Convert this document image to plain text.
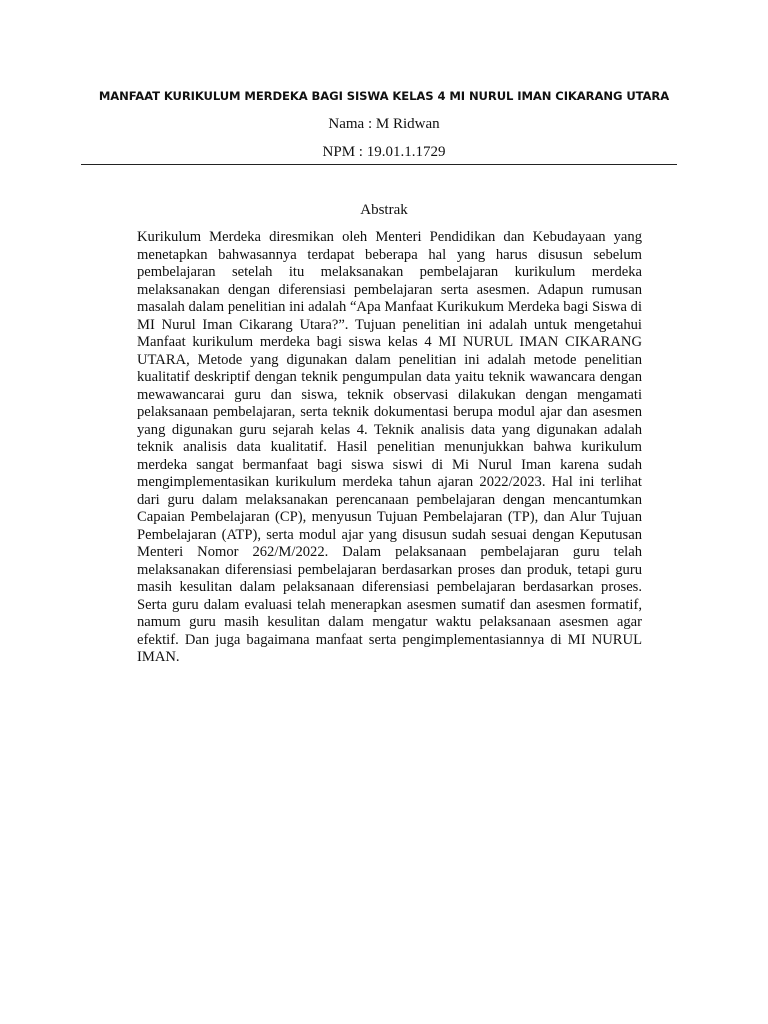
MANFAAT KURIKULUM MERDEKA BAGI SISWA KELAS 4 MI NURUL IMAN CIKARANG UTARA
Nama : M Ridwan
NPM : 19.01.1.1729
Abstrak

Kurikulum Merdeka diresmikan oleh Menteri Pendidikan dan Kebudayaan yang menetapkan bahwasannya terdapat beberapa hal yang harus disusun sebelum pembelajaran setelah itu melaksanakan pembelajaran kurikulum merdeka melaksanakan dengan diferensiasi pembelajaran serta asesmen. Adapun rumusan masalah dalam penelitian ini adalah “Apa Manfaat Kurikukum Merdeka bagi Siswa di MI Nurul Iman Cikarang Utara?”. Tujuan penelitian ini adalah untuk mengetahui Manfaat kurikulum merdeka bagi siswa kelas 4 MI NURUL IMAN CIKARANG UTARA, Metode yang digunakan dalam penelitian ini adalah metode penelitian kualitatif deskriptif dengan teknik pengumpulan data yaitu teknik wawancara dengan mewawancarai guru dan siswa, teknik observasi dilakukan dengan mengamati pelaksanaan pembelajaran, serta teknik dokumentasi berupa modul ajar dan asesmen yang digunakan guru sejarah kelas 4. Teknik analisis data yang digunakan adalah teknik analisis data kualitatif. Hasil penelitian menunjukkan bahwa kurikulum merdeka sangat bermanfaat bagi siswa siswi di Mi Nurul Iman karena sudah mengimplementasikan kurikulum merdeka tahun ajaran 2022/2023. Hal ini terlihat dari guru dalam melaksanakan perencanaan pembelajaran dengan mencantumkan Capaian Pembelajaran (CP), menyusun Tujuan Pembelajaran (TP), dan Alur Tujuan Pembelajaran (ATP), serta modul ajar yang disusun sudah sesuai dengan Keputusan Menteri Nomor 262/M/2022. Dalam pelaksanaan pembelajaran guru telah melaksanakan diferensiasi pembelajaran berdasarkan proses dan produk, tetapi guru masih kesulitan dalam pelaksanaan diferensiasi pembelajaran berdasarkan proses. Serta guru dalam evaluasi telah menerapkan asesmen sumatif dan asesmen formatif, namum guru masih kesulitan dalam mengatur waktu pelaksanaan asesmen agar efektif. Dan juga bagaimana manfaat serta pengimplementasiannya di MI NURUL IMAN.
